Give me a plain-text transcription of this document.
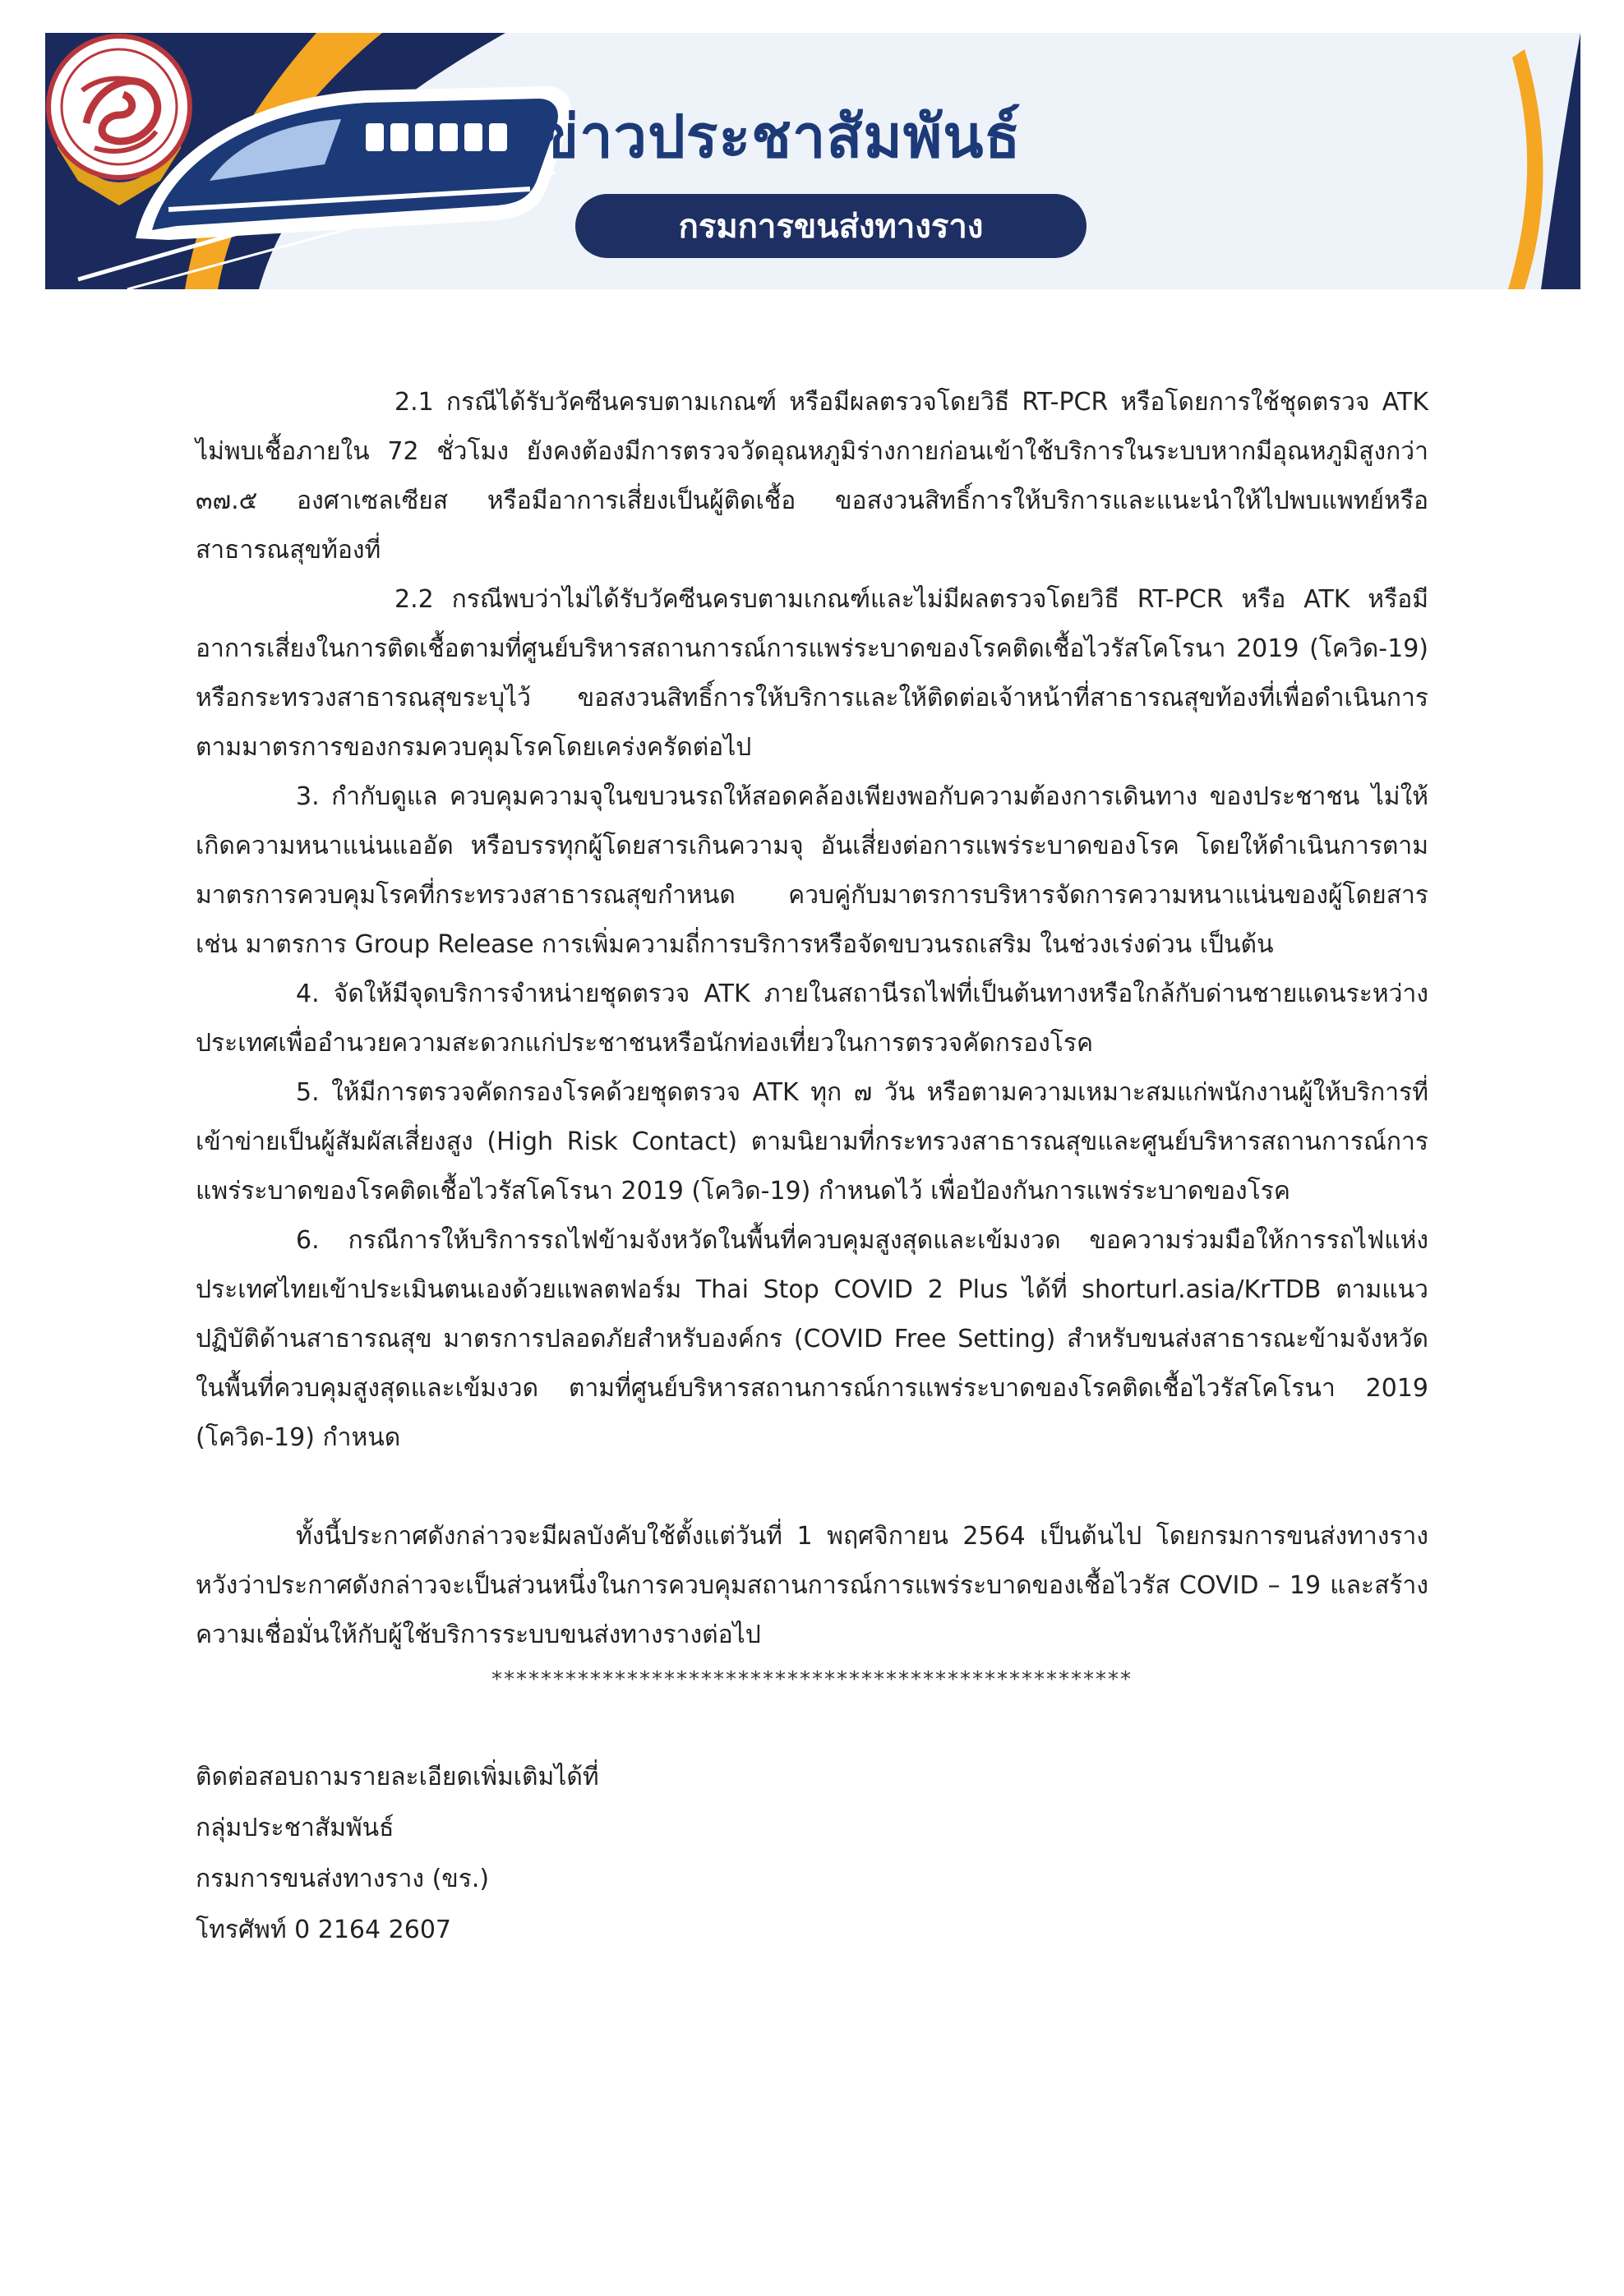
ข่าวประชาสัมพันธ์
กรมการขนส่งทางราง

2.1 กรณีได้รับวัคซีนครบตามเกณฑ์ หรือมีผลตรวจโดยวิธี RT-PCR หรือโดยการใช้ชุดตรวจ ATK ไม่พบเชื้อภายใน 72 ชั่วโมง ยังคงต้องมีการตรวจวัดอุณหภูมิร่างกายก่อนเข้าใช้บริการในระบบหากมีอุณหภูมิสูงกว่า ๓๗.๕ องศาเซลเซียส หรือมีอาการเสี่ยงเป็นผู้ติดเชื้อ ขอสงวนสิทธิ์การให้บริการและแนะนำให้ไปพบแพทย์หรือสาธารณสุขท้องที่

2.2 กรณีพบว่าไม่ได้รับวัคซีนครบตามเกณฑ์และไม่มีผลตรวจโดยวิธี RT-PCR หรือ ATK หรือมีอาการเสี่ยงในการติดเชื้อตามที่ศูนย์บริหารสถานการณ์การแพร่ระบาดของโรคติดเชื้อไวรัสโคโรนา 2019 (โควิด-19) หรือกระทรวงสาธารณสุขระบุไว้ ขอสงวนสิทธิ์การให้บริการและให้ติดต่อเจ้าหน้าที่สาธารณสุขท้องที่เพื่อดำเนินการตามมาตรการของกรมควบคุมโรคโดยเคร่งครัดต่อไป

3. กำกับดูแล ควบคุมความจุในขบวนรถให้สอดคล้องเพียงพอกับความต้องการเดินทาง ของประชาชน ไม่ให้เกิดความหนาแน่นแออัด หรือบรรทุกผู้โดยสารเกินความจุ อันเสี่ยงต่อการแพร่ระบาดของโรค โดยให้ดำเนินการตามมาตรการควบคุมโรคที่กระทรวงสาธารณสุขกำหนด ควบคู่กับมาตรการบริหารจัดการความหนาแน่นของผู้โดยสาร เช่น มาตรการ Group Release การเพิ่มความถี่การบริการหรือจัดขบวนรถเสริม ในช่วงเร่งด่วน เป็นต้น

4. จัดให้มีจุดบริการจำหน่ายชุดตรวจ ATK ภายในสถานีรถไฟที่เป็นต้นทางหรือใกล้กับด่านชายแดนระหว่างประเทศเพื่ออำนวยความสะดวกแก่ประชาชนหรือนักท่องเที่ยวในการตรวจคัดกรองโรค

5. ให้มีการตรวจคัดกรองโรคด้วยชุดตรวจ ATK ทุก ๗ วัน หรือตามความเหมาะสมแก่พนักงานผู้ให้บริการที่เข้าข่ายเป็นผู้สัมผัสเสี่ยงสูง (High Risk Contact) ตามนิยามที่กระทรวงสาธารณสุขและศูนย์บริหารสถานการณ์การแพร่ระบาดของโรคติดเชื้อไวรัสโคโรนา 2019 (โควิด-19) กำหนดไว้ เพื่อป้องกันการแพร่ระบาดของโรค

6. กรณีการให้บริการรถไฟข้ามจังหวัดในพื้นที่ควบคุมสูงสุดและเข้มงวด ขอความร่วมมือให้การรถไฟแห่งประเทศไทยเข้าประเมินตนเองด้วยแพลตฟอร์ม Thai Stop COVID 2 Plus ได้ที่ shorturl.asia/KrTDB ตามแนวปฏิบัติด้านสาธารณสุข มาตรการปลอดภัยสำหรับองค์กร (COVID Free Setting) สำหรับขนส่งสาธารณะข้ามจังหวัด ในพื้นที่ควบคุมสูงสุดและเข้มงวด ตามที่ศูนย์บริหารสถานการณ์การแพร่ระบาดของโรคติดเชื้อไวรัสโคโรนา 2019 (โควิด-19) กำหนด

ทั้งนี้ประกาศดังกล่าวจะมีผลบังคับใช้ตั้งแต่วันที่ 1 พฤศจิกายน 2564 เป็นต้นไป โดยกรมการขนส่งทางรางหวังว่าประกาศดังกล่าวจะเป็นส่วนหนึ่งในการควบคุมสถานการณ์การแพร่ระบาดของเชื้อไวรัส COVID – 19 และสร้างความเชื่อมั่นให้กับผู้ใช้บริการระบบขนส่งทางรางต่อไป

****************************************************
ติดต่อสอบถามรายละเอียดเพิ่มเติมได้ที่
กลุ่มประชาสัมพันธ์
กรมการขนส่งทางราง (ขร.)
โทรศัพท์ 0 2164 2607
